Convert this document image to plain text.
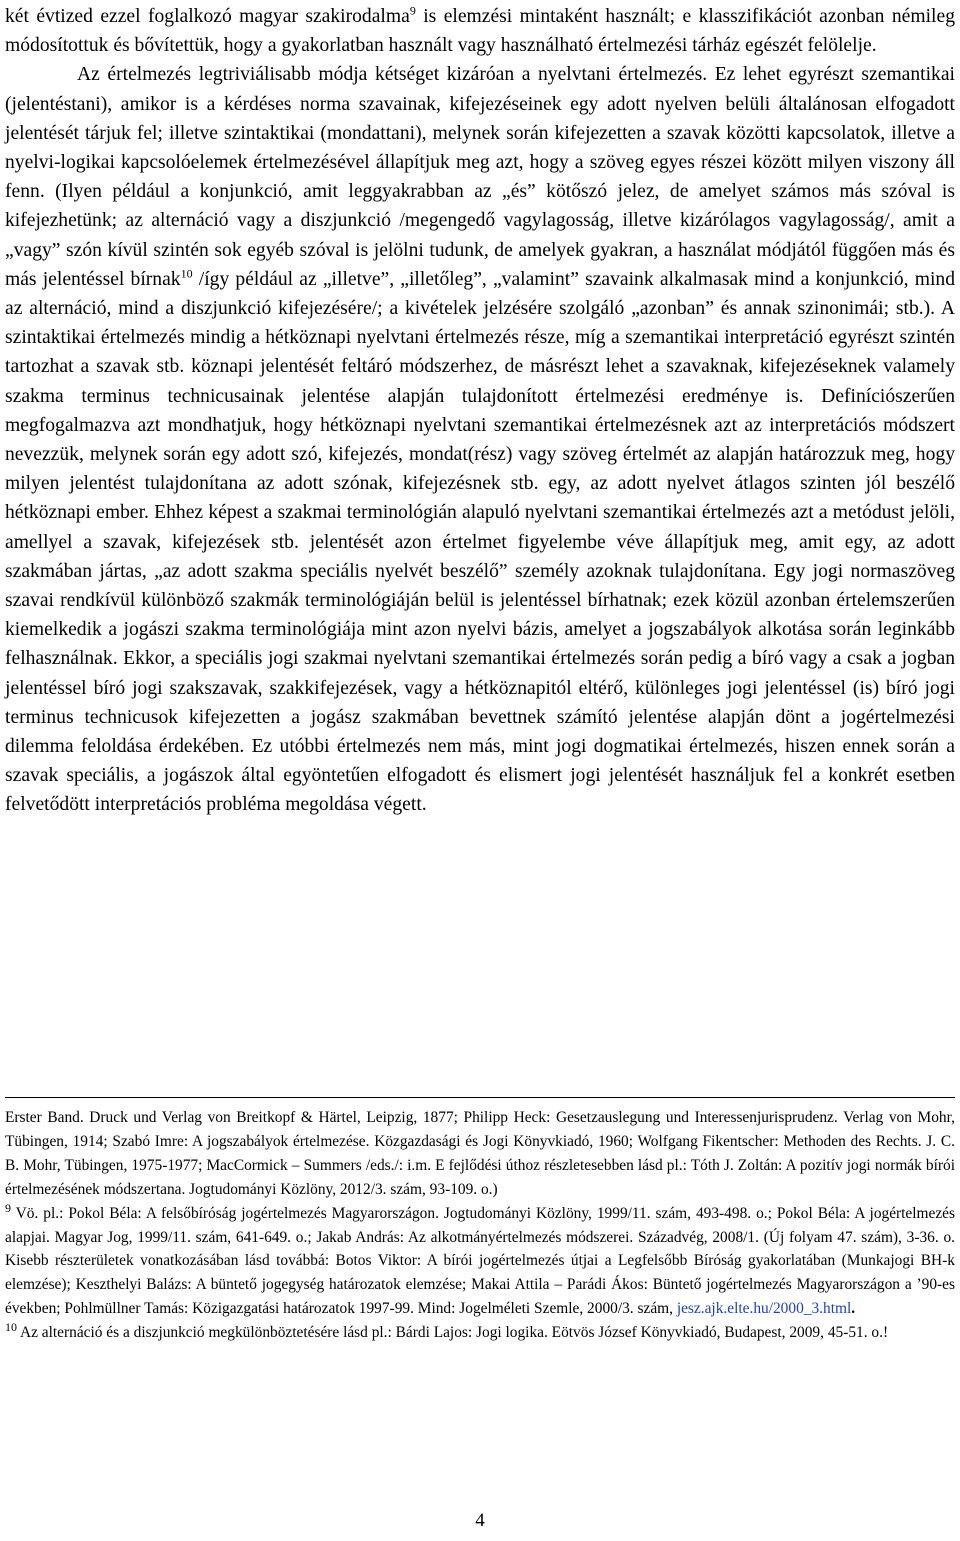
két évtized ezzel foglalkozó magyar szakirodalma$^9$ is elemzési mintaként használt; e klasszifikációt azonban némileg módosítottuk és bővítettük, hogy a gyakorlatban használt vagy használható értelmezési tárház egészét felölelje.

Az értelmezés legtriviálisabb módja kétséget kizáróan a nyelvtani értelmezés. Ez lehet egyrészt szemantikai (jelentéstani), amikor is a kérdéses norma szavainak, kifejezéseinek egy adott nyelven belüli általánosan elfogadott jelentését tárjuk fel; illetve szintaktikai (mondattani), melynek során kifejezetten a szavak közötti kapcsolatok, illetve a nyelvi-logikai kapcsolóelemek értelmezésével állapítjuk meg azt, hogy a szöveg egyes részei között milyen viszony áll fenn. (Ilyen például a konjunkció, amit leggyakrabban az „és” kötőszó jelez, de amelyet számos más szóval is kifejezhetünk; az alternáció vagy a diszjunkció /megengedő vagylagosság, illetve kizárólagos vagylagosság/, amit a „vagy” szón kívül szintén sok egyéb szóval is jelölni tudunk, de amelyek gyakran, a használat módjától függően más és más jelentéssel bírnak$^{10}$ /így például az „illetve”, „illetőleg”, „valamint” szavaink alkalmasak mind a konjunkció, mind az alternáció, mind a diszjunkció kifejezésére/; a kivételek jelzésére szolgáló „azonban” és annak szinonimái; stb.). A szintaktikai értelmezés mindig a hétköznapi nyelvtani értelmezés része, míg a szemantikai interpretáció egyrészt szintén tartozhat a szavak stb. köznapi jelentését feltáró módszerhez, de másrészt lehet a szavaknak, kifejezéseknek valamely szakma terminus technicusainak jelentése alapján tulajdonított értelmezési eredménye is. Definíciószerűen megfogalmazva azt mondhatjuk, hogy hétköznapi nyelvtani szemantikai értelmezésnek azt az interpretációs módszert nevezzük, melynek során egy adott szó, kifejezés, mondat(rész) vagy szöveg értelmét az alapján határozzuk meg, hogy milyen jelentést tulajdonítana az adott szónak, kifejezésnek stb. egy, az adott nyelvet átlagos szinten jól beszélő hétköznapi ember. Ehhez képest a szakmai terminológián alapuló nyelvtani szemantikai értelmezés azt a metódust jelöli, amellyel a szavak, kifejezések stb. jelentését azon értelmet figyelembe véve állapítjuk meg, amit egy, az adott szakmában jártas, „az adott szakma speciális nyelvét beszélő” személy azoknak tulajdonítana. Egy jogi normaszöveg szavai rendkívül különböző szakmák terminológiáján belül is jelentéssel bírhatnak; ezek közül azonban értelemszerűen kiemelkedik a jogászi szakma terminológiája mint azon nyelvi bázis, amelyet a jogszabályok alkotása során leginkább felhasználnak. Ekkor, a speciális jogi szakmai nyelvtani szemantikai értelmezés során pedig a bíró vagy a csak a jogban jelentéssel bíró jogi szakszavak, szakkifejezések, vagy a hétköznapitól eltérő, különleges jogi jelentéssel (is) bíró jogi terminus technicusok kifejezetten a jogász szakmában bevettnek számító jelentése alapján dönt a jogértelmezési dilemma feloldása érdekében. Ez utóbbi értelmezés nem más, mint jogi dogmatikai értelmezés, hiszen ennek során a szavak speciális, a jogászok által egyöntetűen elfogadott és elismert jogi jelentését használjuk fel a konkrét esetben felvetődött interpretációs probléma megoldása végett.

Erster Band. Druck und Verlag von Breitkopf & Härtel, Leipzig, 1877; Philipp Heck: Gesetzauslegung und Interessenjurisprudenz. Verlag von Mohr, Tübingen, 1914; Szabó Imre: A jogszabályok értelmezése. Közgazdasági és Jogi Könyvkiadó, 1960; Wolfgang Fikentscher: Methoden des Rechts. J. C. B. Mohr, Tübingen, 1975-1977; MacCormick – Summers /eds./: i.m. E fejlődési úthoz részletesebben lásd pl.: Tóth J. Zoltán: A pozitív jogi normák bírói értelmezésének módszertana. Jogtudományi Közlöny, 2012/3. szám, 93-109. o.)

$^9$ Vö. pl.: Pokol Béla: A felsőbíróság jogértelmezés Magyarországon. Jogtudományi Közlöny, 1999/11. szám, 493-498. o.; Pokol Béla: A jogértelmezés alapjai. Magyar Jog, 1999/11. szám, 641-649. o.; Jakab András: Az alkotmányértelmezés módszerei. Századvég, 2008/1. (Új folyam 47. szám), 3-36. o. Kisebb részterületek vonatkozásában lásd továbbá: Botos Viktor: A bírói jogértelmezés útjai a Legfelsőbb Bíróság gyakorlatában (Munkajogi BH-k elemzése); Keszthelyi Balázs: A büntető jogegység határozatok elemzése; Makai Attila – Parádi Ákos: Büntető jogértelmezés Magyarországon a ’90-es években; Pohlmüllner Tamás: Közigazgatási határozatok 1997-99. Mind: Jogelméleti Szemle, 2000/3. szám, jesz.ajk.elte.hu/2000_3.html.

$^{10}$ Az alternáció és a diszjunkció megkülönböztetésére lásd pl.: Bárdi Lajos: Jogi logika. Eötvös József Könyvkiadó, Budapest, 2009, 45-51. o.!

4
